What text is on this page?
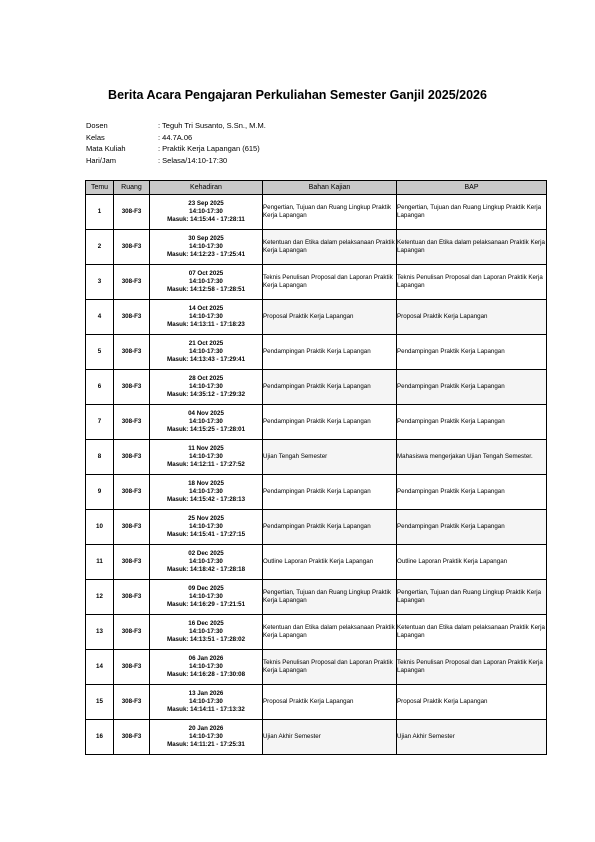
Berita Acara Pengajaran Perkuliahan Semester Ganjil 2025/2026
Dosen	: Teguh Tri Susanto, S.Sn., M.M.
Kelas	: 44.7A.06
Mata Kuliah	: Praktik Kerja Lapangan (615)
Hari/Jam	: Selasa/14:10-17:30
Temu	Ruang	Kehadiran	Bahan Kajian	BAP
1	308-F3	23 Sep 2025
14:10-17:30
Masuk: 14:15:44 - 17:28:11	Pengertian, Tujuan dan Ruang Lingkup Praktik Kerja Lapangan	Pengertian, Tujuan dan Ruang Lingkup Praktik Kerja Lapangan
2	308-F3	30 Sep 2025
14:10-17:30
Masuk: 14:12:23 - 17:25:41	Ketentuan dan Etika dalam pelaksanaan Praktik Kerja Lapangan	Ketentuan dan Etika dalam pelaksanaan Praktik Kerja Lapangan
3	308-F3	07 Oct 2025
14:10-17:30
Masuk: 14:12:58 - 17:28:51	Teknis Penulisan Proposal dan Laporan Praktik Kerja Lapangan	Teknis Penulisan Proposal dan Laporan Praktik Kerja Lapangan
4	308-F3	14 Oct 2025
14:10-17:30
Masuk: 14:13:11 - 17:18:23	Proposal Praktik Kerja Lapangan	Proposal Praktik Kerja Lapangan
5	308-F3	21 Oct 2025
14:10-17:30
Masuk: 14:13:43 - 17:29:41	Pendampingan Praktik Kerja Lapangan	Pendampingan Praktik Kerja Lapangan
6	308-F3	28 Oct 2025
14:10-17:30
Masuk: 14:35:12 - 17:29:32	Pendampingan Praktik Kerja Lapangan	Pendampingan Praktik Kerja Lapangan
7	308-F3	04 Nov 2025
14:10-17:30
Masuk: 14:15:25 - 17:28:01	Pendampingan Praktik Kerja Lapangan	Pendampingan Praktik Kerja Lapangan
8	308-F3	11 Nov 2025
14:10-17:30
Masuk: 14:12:11 - 17:27:52	Ujian Tengah Semester	Mahasiswa mengerjakan Ujian Tengah Semester.
9	308-F3	18 Nov 2025
14:10-17:30
Masuk: 14:15:42 - 17:28:13	Pendampingan Praktik Kerja Lapangan	Pendampingan Praktik Kerja Lapangan
10	308-F3	25 Nov 2025
14:10-17:30
Masuk: 14:15:41 - 17:27:15	Pendampingan Praktik Kerja Lapangan	Pendampingan Praktik Kerja Lapangan
11	308-F3	02 Dec 2025
14:10-17:30
Masuk: 14:18:42 - 17:28:18	Outline Laporan Praktik Kerja Lapangan	Outline Laporan Praktik Kerja Lapangan
12	308-F3	09 Dec 2025
14:10-17:30
Masuk: 14:16:29 - 17:21:51	Pengertian, Tujuan dan Ruang Lingkup Praktik Kerja Lapangan	Pengertian, Tujuan dan Ruang Lingkup Praktik Kerja Lapangan
13	308-F3	16 Dec 2025
14:10-17:30
Masuk: 14:13:51 - 17:28:02	Ketentuan dan Etika dalam pelaksanaan Praktik Kerja Lapangan	Ketentuan dan Etika dalam pelaksanaan Praktik Kerja Lapangan
14	308-F3	06 Jan 2026
14:10-17:30
Masuk: 14:16:28 - 17:30:08	Teknis Penulisan Proposal dan Laporan Praktik Kerja Lapangan	Teknis Penulisan Proposal dan Laporan Praktik Kerja Lapangan
15	308-F3	13 Jan 2026
14:10-17:30
Masuk: 14:14:11 - 17:13:32	Proposal Praktik Kerja Lapangan	Proposal Praktik Kerja Lapangan
16	308-F3	20 Jan 2026
14:10-17:30
Masuk: 14:11:21 - 17:25:31	Ujian Akhir Semester	Ujian Akhir Semester
